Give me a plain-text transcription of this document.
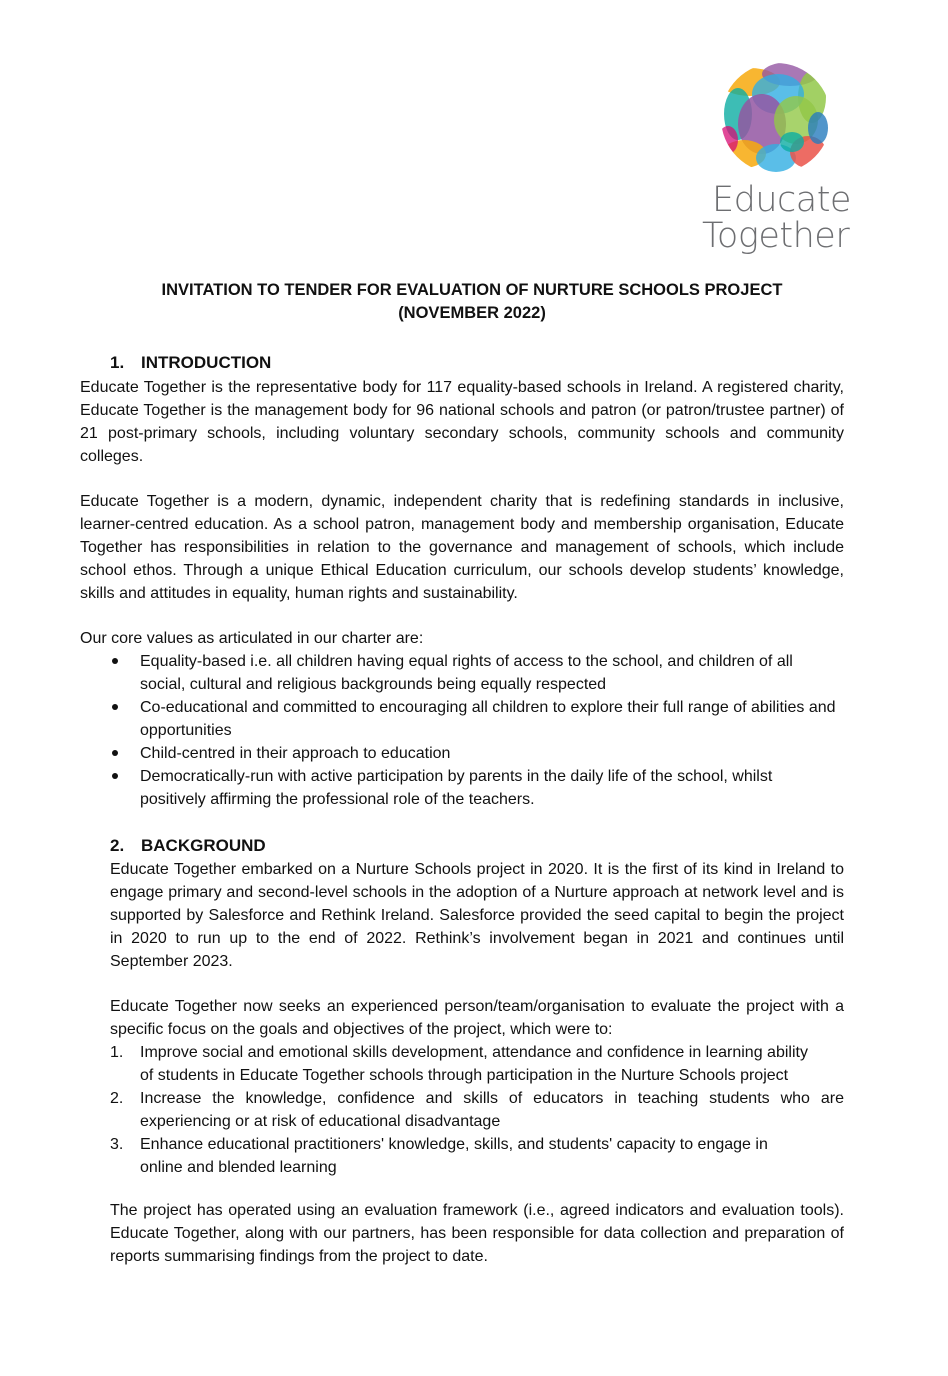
Educate
Together
INVITATION TO TENDER FOR EVALUATION OF NURTURE SCHOOLS PROJECT
(NOVEMBER 2022)
1. INTRODUCTION
Educate Together is the representative body for 117 equality-based schools in Ireland. A registered charity, Educate Together is the management body for 96 national schools and patron (or patron/trustee partner) of 21 post-primary schools, including voluntary secondary schools, community schools and community colleges.
Educate Together is a modern, dynamic, independent charity that is redefining standards in inclusive, learner-centred education. As a school patron, management body and membership organisation, Educate Together has responsibilities in relation to the governance and management of schools, which include school ethos. Through a unique Ethical Education curriculum, our schools develop students’ knowledge, skills and attitudes in equality, human rights and sustainability.
Our core values as articulated in our charter are:
Equality-based i.e. all children having equal rights of access to the school, and children of all social, cultural and religious backgrounds being equally respected
Co-educational and committed to encouraging all children to explore their full range of abilities and opportunities
Child-centred in their approach to education
Democratically-run with active participation by parents in the daily life of the school, whilst positively affirming the professional role of the teachers.
2. BACKGROUND
Educate Together embarked on a Nurture Schools project in 2020. It is the first of its kind in Ireland to engage primary and second-level schools in the adoption of a Nurture approach at network level and is supported by Salesforce and Rethink Ireland. Salesforce provided the seed capital to begin the project in 2020 to run up to the end of 2022. Rethink’s involvement began in 2021 and continues until September 2023.
Educate Together now seeks an experienced person/team/organisation to evaluate the project with a specific focus on the goals and objectives of the project, which were to:
1. Improve social and emotional skills development, attendance and confidence in learning ability of students in Educate Together schools through participation in the Nurture Schools project
2. Increase the knowledge, confidence and skills of educators in teaching students who are experiencing or at risk of educational disadvantage
3. Enhance educational practitioners' knowledge, skills, and students' capacity to engage in online and blended learning
The project has operated using an evaluation framework (i.e., agreed indicators and evaluation tools). Educate Together, along with our partners, has been responsible for data collection and preparation of reports summarising findings from the project to date.
